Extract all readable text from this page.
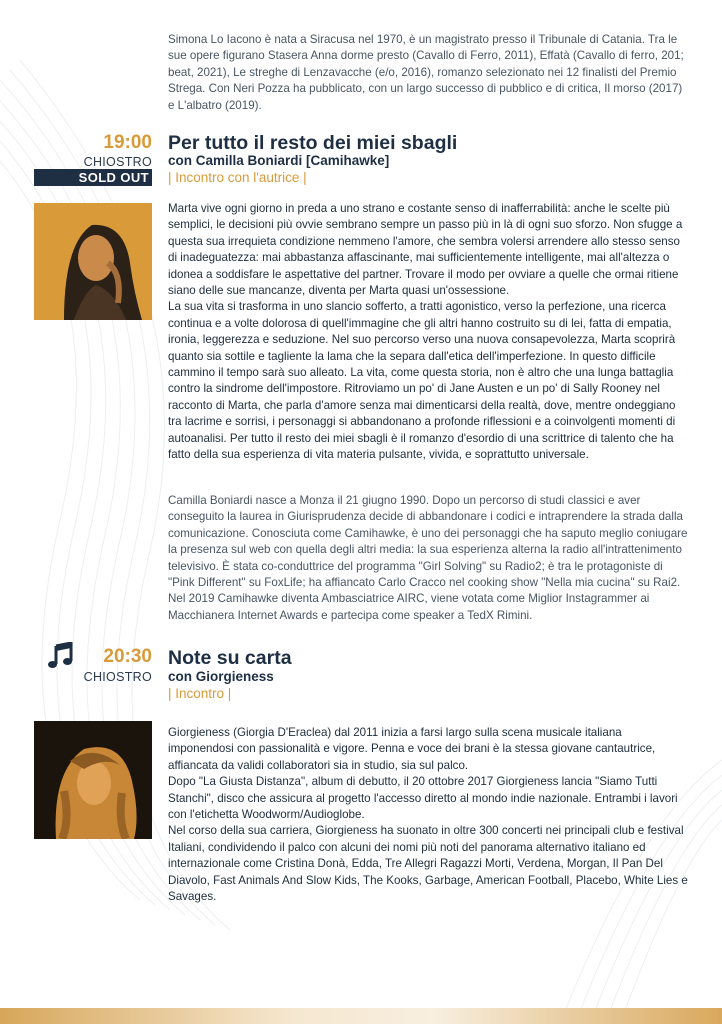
Simona Lo Iacono è nata a Siracusa nel 1970, è un magistrato presso il Tribunale di Catania. Tra le sue opere figurano Stasera Anna dorme presto (Cavallo di Ferro, 2011), Effatà (Cavallo di ferro, 201; beat, 2021), Le streghe di Lenzavacche (e/o, 2016), romanzo selezionato nei 12 finalisti del Premio Strega. Con Neri Pozza ha pubblicato, con un largo successo di pubblico e di critica, Il morso (2017) e L'albatro (2019).

19:00
CHIOSTRO
SOLD OUT
Per tutto il resto dei miei sbagli
con Camilla Boniardi [Camihawke]
| Incontro con l'autrice |

Marta vive ogni giorno in preda a uno strano e costante senso di inafferrabilità: anche le scelte più semplici, le decisioni più ovvie sembrano sempre un passo più in là di ogni suo sforzo. Non sfugge a questa sua irrequieta condizione nemmeno l'amore, che sembra volersi arrendere allo stesso senso di inadeguatezza: mai abbastanza affascinante, mai sufficientemente intelligente, mai all'altezza o idonea a soddisfare le aspettative del partner. Trovare il modo per ovviare a quelle che ormai ritiene siano delle sue mancanze, diventa per Marta quasi un'ossessione.
La sua vita si trasforma in uno slancio sofferto, a tratti agonistico, verso la perfezione, una ricerca continua e a volte dolorosa di quell'immagine che gli altri hanno costruito su di lei, fatta di empatia, ironia, leggerezza e seduzione. Nel suo percorso verso una nuova consapevolezza, Marta scoprirà quanto sia sottile e tagliente la lama che la separa dall'etica dell'imperfezione. In questo difficile cammino il tempo sarà suo alleato. La vita, come questa storia, non è altro che una lunga battaglia contro la sindrome dell'impostore. Ritroviamo un po' di Jane Austen e un po' di Sally Rooney nel racconto di Marta, che parla d'amore senza mai dimenticarsi della realtà, dove, mentre ondeggiano tra lacrime e sorrisi, i personaggi si abbandonano a profonde riflessioni e a coinvolgenti momenti di autoanalisi. Per tutto il resto dei miei sbagli è il romanzo d'esordio di una scrittrice di talento che ha fatto della sua esperienza di vita materia pulsante, vivida, e soprattutto universale.

Camilla Boniardi nasce a Monza il 21 giugno 1990. Dopo un percorso di studi classici e aver conseguito la laurea in Giurisprudenza decide di abbandonare i codici e intraprendere la strada dalla comunicazione. Conosciuta come Camihawke, è uno dei personaggi che ha saputo meglio coniugare la presenza sul web con quella degli altri media: la sua esperienza alterna la radio all'intrattenimento televisivo. È stata co-conduttrice del programma "Girl Solving" su Radio2; è tra le protagoniste di "Pink Different" su FoxLife; ha affiancato Carlo Cracco nel cooking show "Nella mia cucina" su Rai2. Nel 2019 Camihawke diventa Ambasciatrice AIRC, viene votata come Miglior Instagrammer ai Macchianera Internet Awards e partecipa come speaker a TedX Rimini.

20:30
CHIOSTRO
Note su carta
con Giorgieness
| Incontro |

Giorgieness (Giorgia D'Eraclea) dal 2011 inizia a farsi largo sulla scena musicale italiana imponendosi con passionalità e vigore. Penna e voce dei brani è la stessa giovane cantautrice, affiancata da validi collaboratori sia in studio, sia sul palco.
Dopo "La Giusta Distanza", album di debutto, il 20 ottobre 2017 Giorgieness lancia "Siamo Tutti Stanchi", disco che assicura al progetto l'accesso diretto al mondo indie nazionale. Entrambi i lavori con l'etichetta Woodworm/Audioglobe.
Nel corso della sua carriera, Giorgieness ha suonato in oltre 300 concerti nei principali club e festival Italiani, condividendo il palco con alcuni dei nomi più noti del panorama alternativo italiano ed internazionale come Cristina Donà, Edda, Tre Allegri Ragazzi Morti, Verdena, Morgan, Il Pan Del Diavolo, Fast Animals And Slow Kids, The Kooks, Garbage, American Football, Placebo, White Lies e Savages.
